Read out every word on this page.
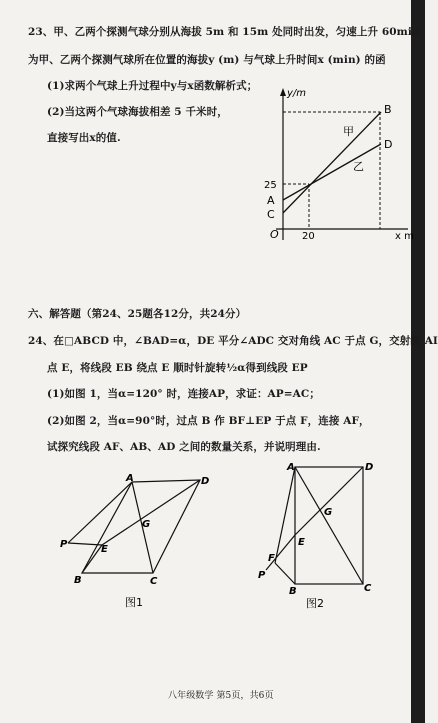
23、甲、乙两个探测气球分别从海拔 5m 和 15m 处同时出发，匀速上升 60min
为甲、乙两个探测气球所在位置的海拔y (m) 与气球上升时间x (min) 的函
(1)求两个气球上升过程中y与x函数解析式；
(2)当这两个气球海拔相差 5 千米时，
直接写出x的值.
y/m
x m
O
25
20
A
C
B
D
甲
乙
六、解答题（第24、25题各12分，共24分）
24、在□ABCD 中，∠BAD=α，DE 平分∠ADC 交对角线 AC 于点 G，交射线 AI
点 E，将线段 EB 绕点 E 顺时针旋转½α得到线段 EP
(1)如图 1，当α=120° 时，连接AP，求证：AP=AC；
(2)如图 2，当α=90°时，过点 B 作 BF⊥EP 于点 F，连接 AF，
试探究线段 AF、AB、AD 之间的数量关系，并说明理由.
A	D
G
P	E
B	C
图1
A	D
G
E
F
P
B	C
图2
八年级数学 第5页，共6页
